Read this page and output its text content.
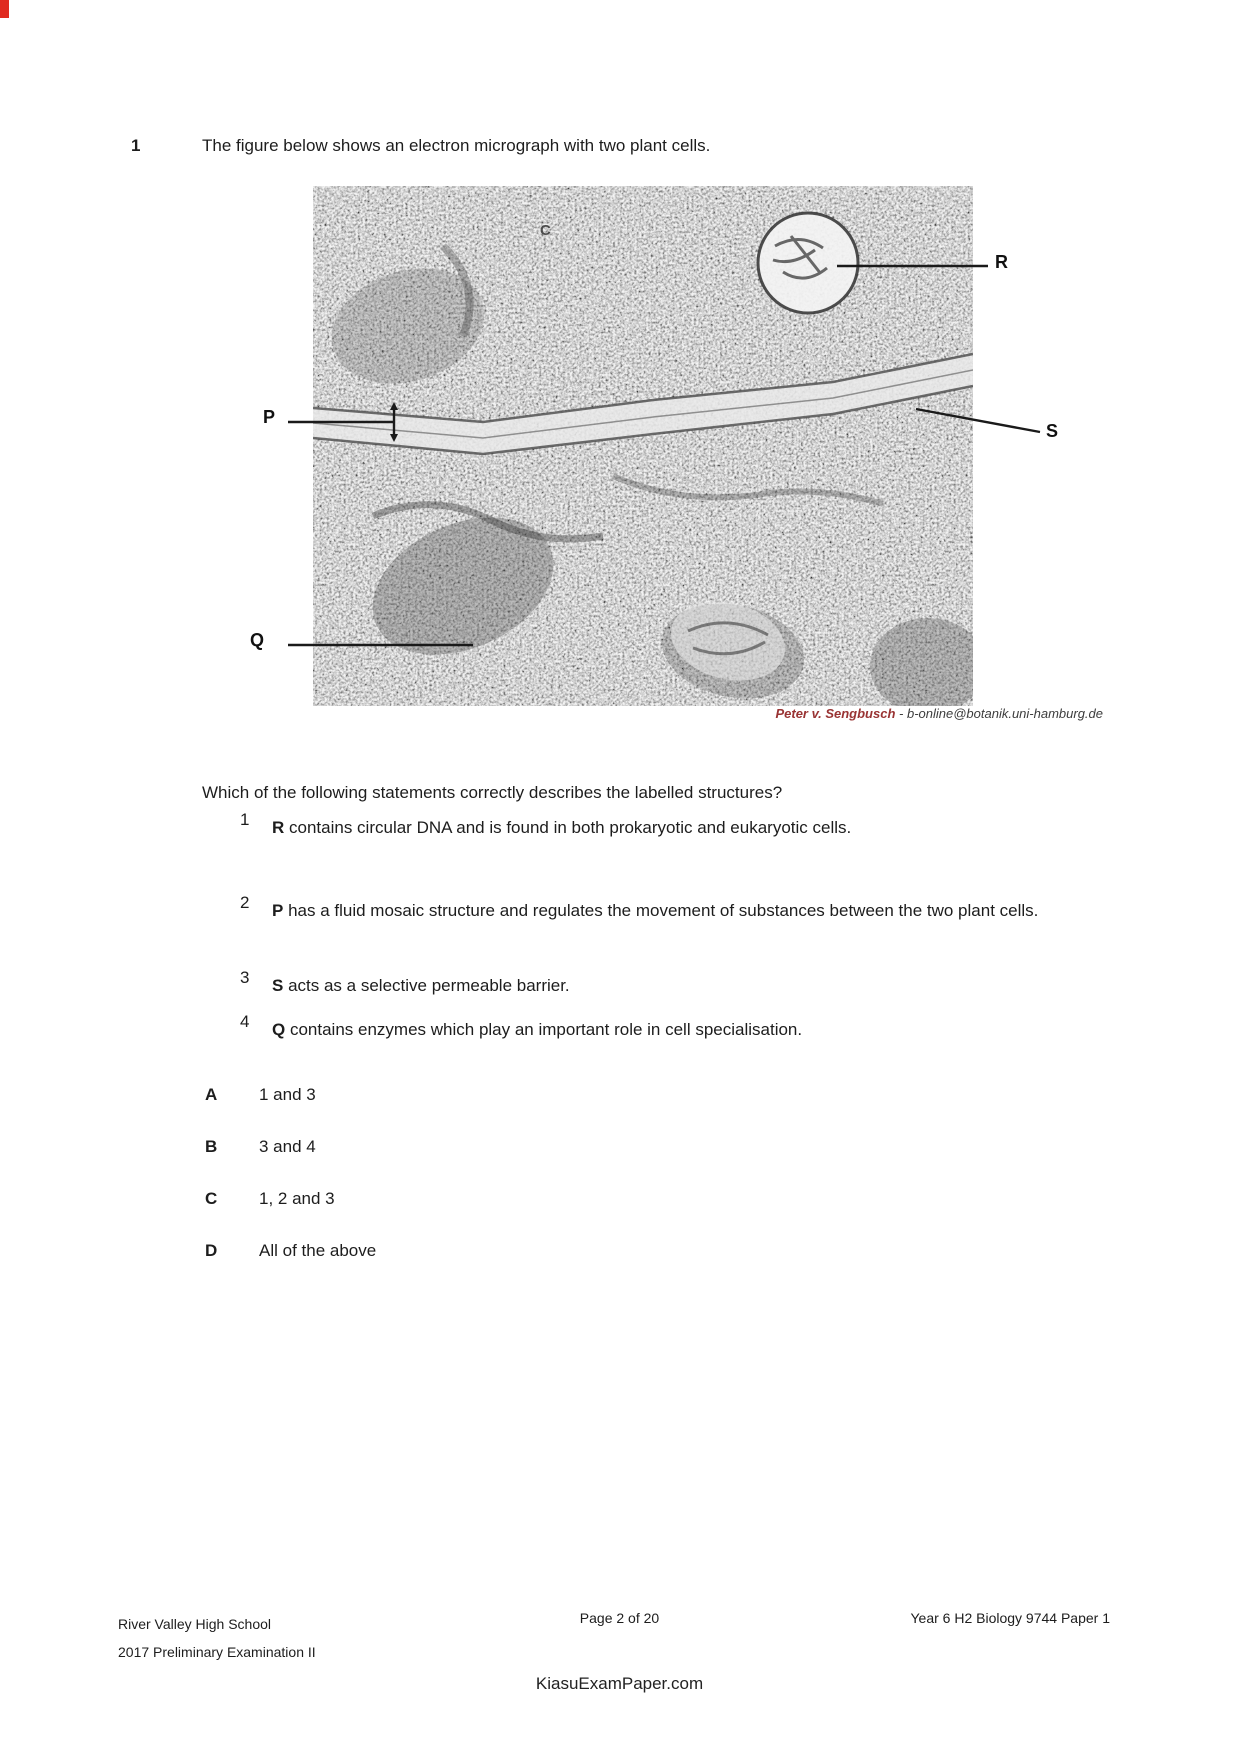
1	The figure below shows an electron micrograph with two plant cells.
C
R
P
S
Q
Peter v. Sengbusch - b-online@botanik.uni-hamburg.de
Which of the following statements correctly describes the labelled structures?
1	R contains circular DNA and is found in both prokaryotic and eukaryotic cells.
2	P has a fluid mosaic structure and regulates the movement of substances between the two plant cells.
3	S acts as a selective permeable barrier.
4	Q contains enzymes which play an important role in cell specialisation.
A 1 and 3
B 3 and 4
C 1, 2 and 3
D All of the above
River Valley High School
2017 Preliminary Examination II
Page 2 of 20	Year 6 H2 Biology 9744 Paper 1
KiasuExamPaper.com
